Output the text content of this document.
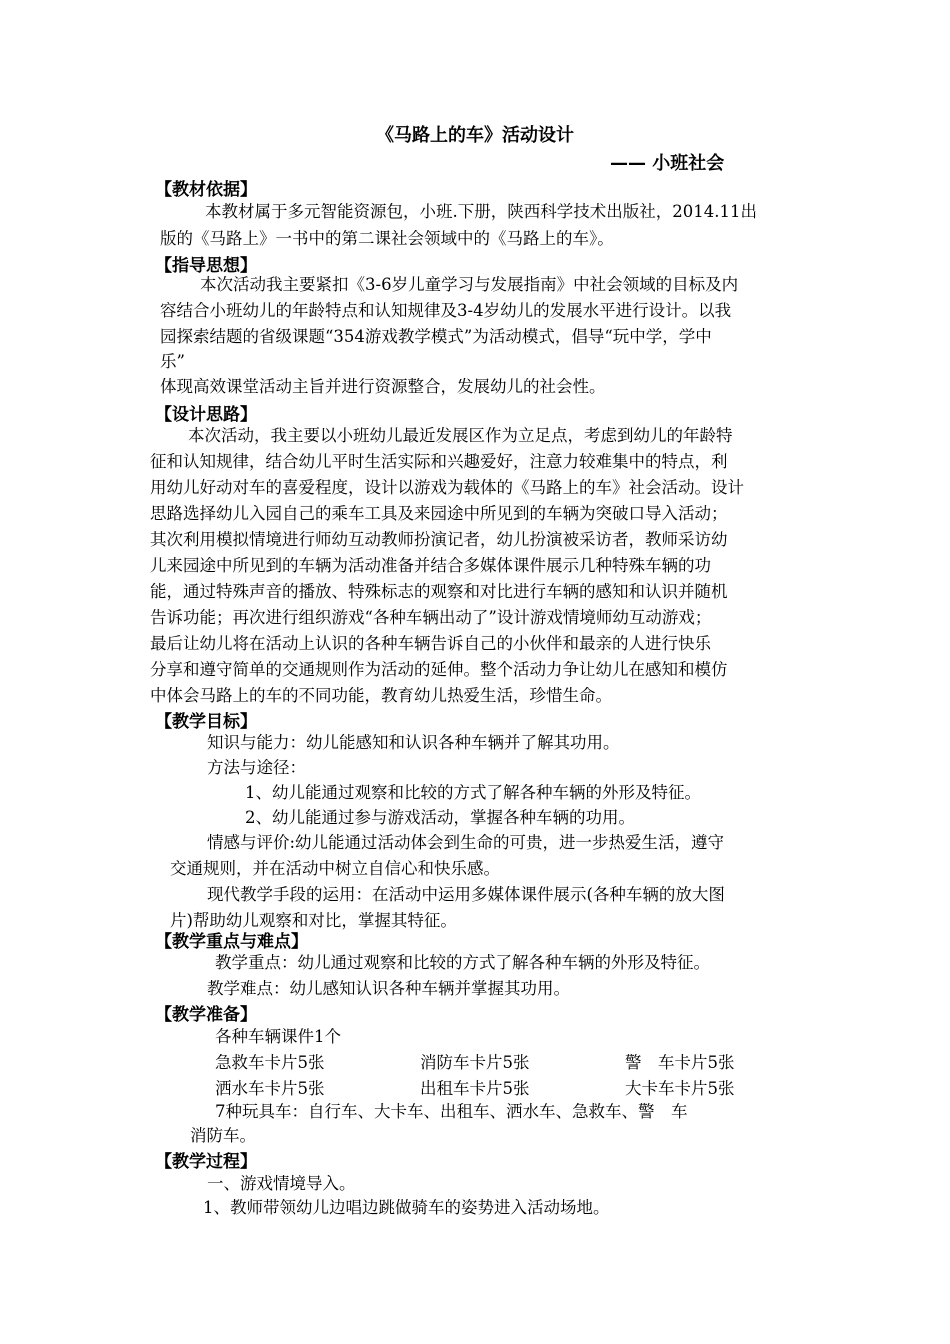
《马路上的车》活动设计
—— 小班社会
【教材依据】
本教材属于多元智能资源包，小班.下册，陕西科学技术出版社，2014.11出
版的《马路上》一书中的第二课社会领域中的《马路上的车》。
【指导思想】
本次活动我主要紧扣《3-6岁儿童学习与发展指南》中社会领域的目标及内
容结合小班幼儿的年龄特点和认知规律及3-4岁幼儿的发展水平进行设计。以我
园探索结题的省级课题“354游戏教学模式”为活动模式，倡导“玩中学，学中
乐”
体现高效课堂活动主旨并进行资源整合，发展幼儿的社会性。
【设计思路】
本次活动，我主要以小班幼儿最近发展区作为立足点，考虑到幼儿的年龄特
征和认知规律，结合幼儿平时生活实际和兴趣爱好，注意力较难集中的特点，利
用幼儿好动对车的喜爱程度，设计以游戏为载体的《马路上的车》社会活动。设计
思路选择幼儿入园自己的乘车工具及来园途中所见到的车辆为突破口导入活动；
其次利用模拟情境进行师幼互动教师扮演记者，幼儿扮演被采访者，教师采访幼
儿来园途中所见到的车辆为活动准备并结合多媒体课件展示几种特殊车辆的功
能，通过特殊声音的播放、特殊标志的观察和对比进行车辆的感知和认识并随机
告诉功能；再次进行组织游戏“各种车辆出动了”设计游戏情境师幼互动游戏；
最后让幼儿将在活动上认识的各种车辆告诉自己的小伙伴和最亲的人进行快乐
分享和遵守简单的交通规则作为活动的延伸。整个活动力争让幼儿在感知和模仿
中体会马路上的车的不同功能，教育幼儿热爱生活，珍惜生命。
【教学目标】
知识与能力：幼儿能感知和认识各种车辆并了解其功用。
方法与途径：
1、幼儿能通过观察和比较的方式了解各种车辆的外形及特征。
2、幼儿能通过参与游戏活动，掌握各种车辆的功用。
情感与评价:幼儿能通过活动体会到生命的可贵，进一步热爱生活，遵守
交通规则，并在活动中树立自信心和快乐感。
现代教学手段的运用：在活动中运用多媒体课件展示(各种车辆的放大图
片)帮助幼儿观察和对比，掌握其特征。
【教学重点与难点】
教学重点：幼儿通过观察和比较的方式了解各种车辆的外形及特征。
教学难点：幼儿感知认识各种车辆并掌握其功用。
【教学准备】
各种车辆课件1个
急救车卡片5张	消防车卡片5张	警　车卡片5张
洒水车卡片5张	出租车卡片5张	大卡车卡片5张
7种玩具车：自行车、大卡车、出租车、洒水车、急救车、警　车
消防车。
【教学过程】
一、游戏情境导入。
1、教师带领幼儿边唱边跳做骑车的姿势进入活动场地。
